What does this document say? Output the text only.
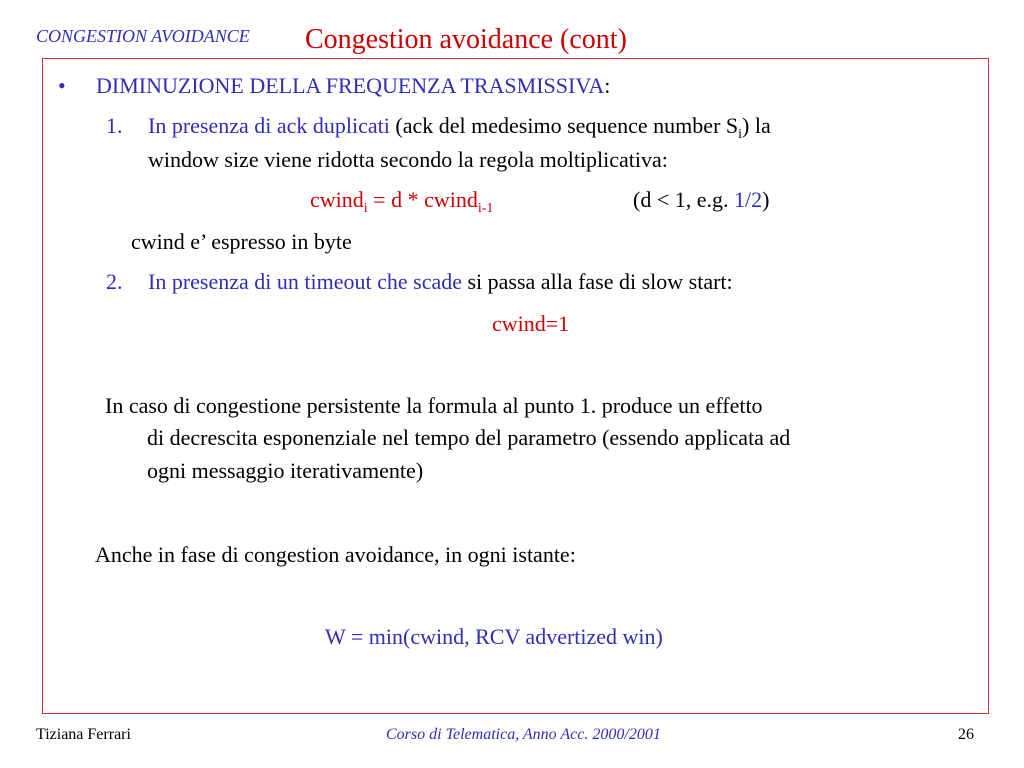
CONGESTION AVOIDANCE Congestion avoidance (cont)
• DIMINUZIONE DELLA FREQUENZA TRASMISSIVA:
1. In presenza di ack duplicati (ack del medesimo sequence number $S_i$) la
window size viene ridotta secondo la regola moltiplicativa:
cwind$_i$ = d * cwind$_{i-1}$	(d < 1, e.g. 1/2)
cwind e’ espresso in byte
2. In presenza di un timeout che scade si passa alla fase di slow start:
cwind=1
In caso di congestione persistente la formula al punto 1. produce un effetto
di decrescita esponenziale nel tempo del parametro (essendo applicata ad
ogni messaggio iterativamente)
Anche in fase di congestion avoidance, in ogni istante:
W = min(cwind, RCV advertized win)
Tiziana Ferrari	Corso di Telematica, Anno Acc. 2000/2001	26
